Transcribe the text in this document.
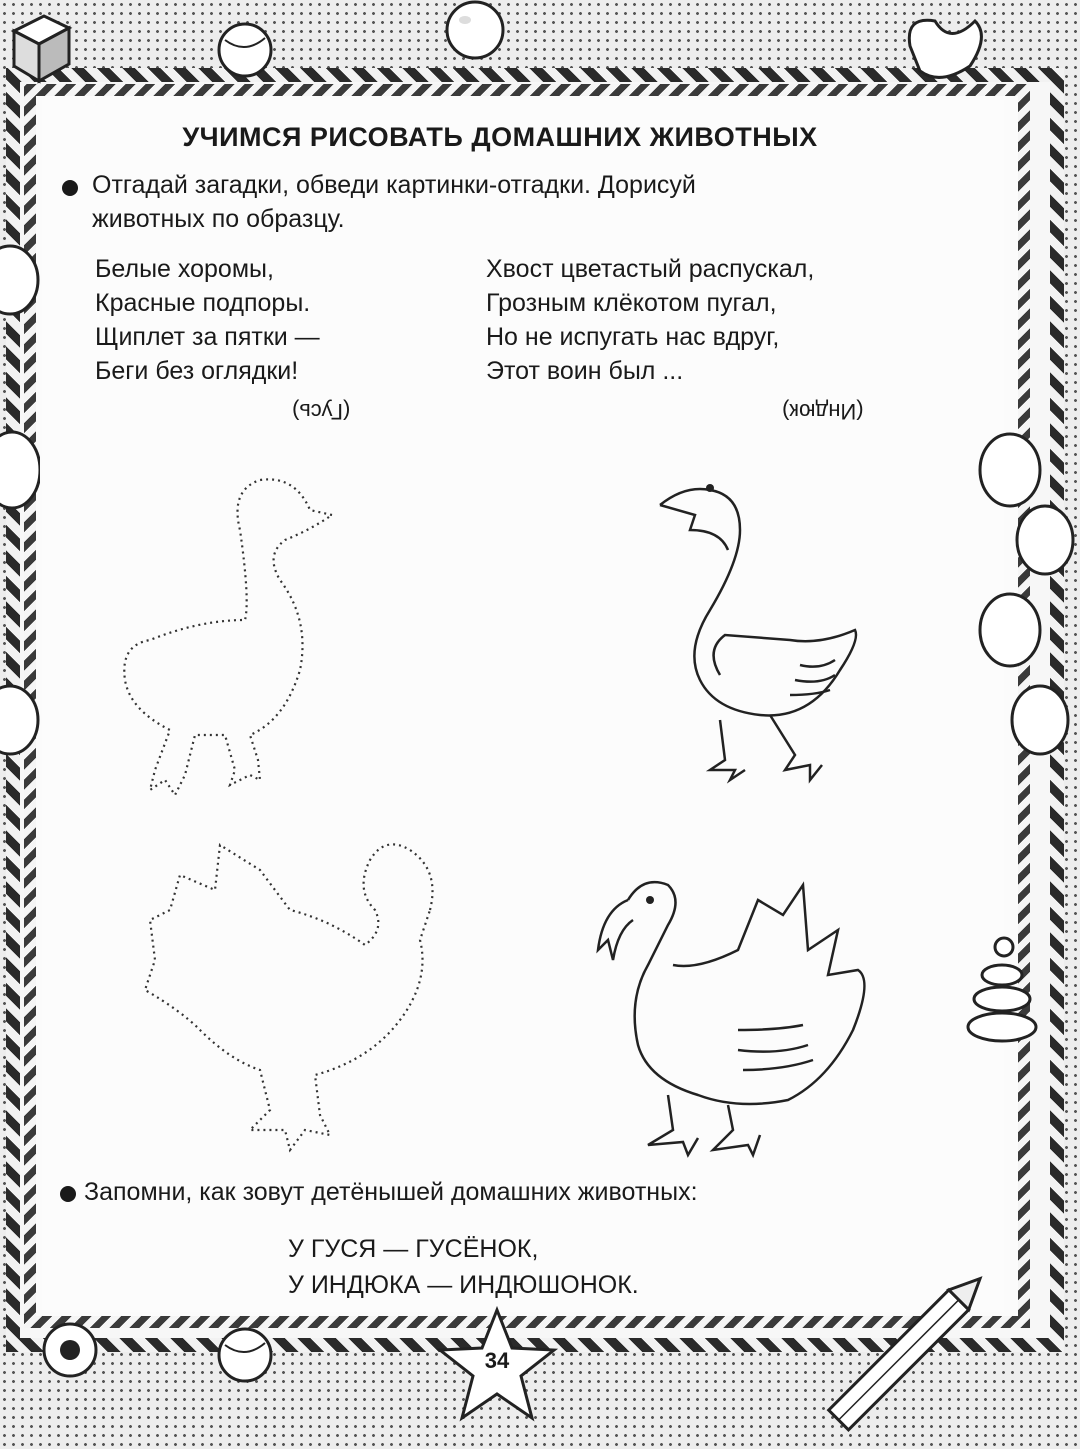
УЧИМСЯ РИСОВАТЬ ДОМАШНИХ ЖИВОТНЫХ
Отгадай загадки, обведи картинки-отгадки. Дорисуй
животных по образцу.
Белые хоромы,
Красные подпоры.
Щиплет за пятки —
Беги без оглядки!
Хвост цветастый распускал,
Грозным клёкотом пугал,
Но не испугать нас вдруг,
Этот воин был ...
(Гусь)	(Индюк)
Запомни, как зовут детёнышей домашних животных:
У ГУСЯ — ГУСЁНОК,
У ИНДЮКА — ИНДЮШОНОК.
34
